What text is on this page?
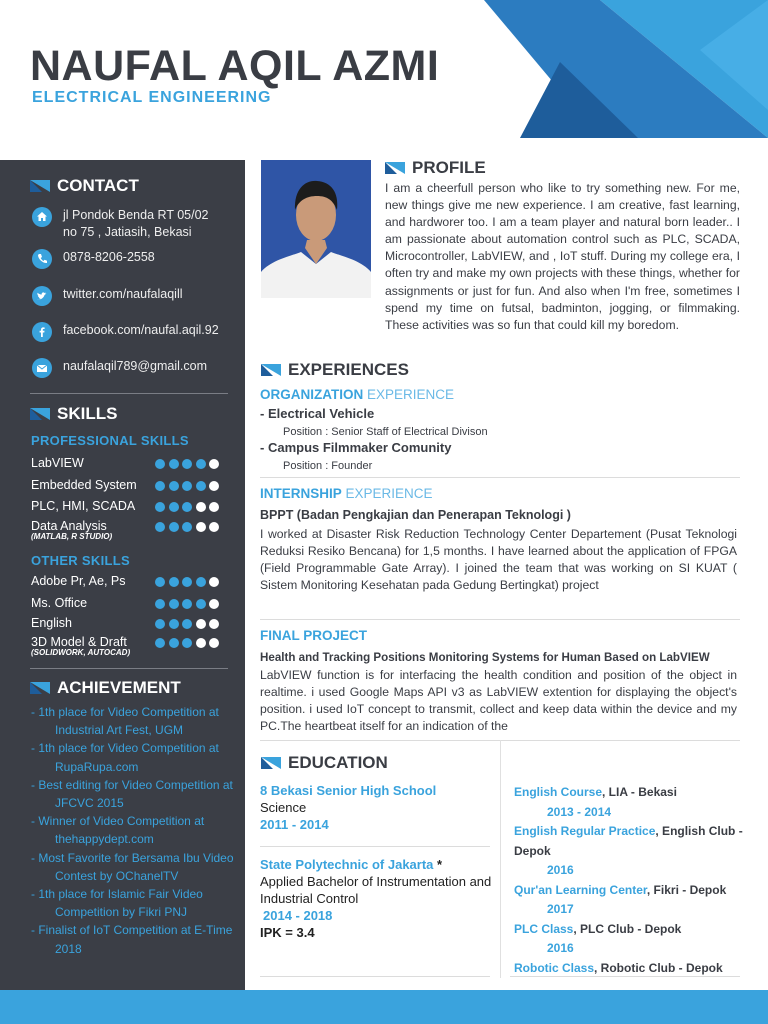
NAUFAL AQIL AZMI
ELECTRICAL ENGINEERING
CONTACT
jl Pondok Benda RT 05/02
no 75 , Jatiasih, Bekasi
0878-8206-2558
twitter.com/naufalaqill
facebook.com/naufal.aqil.92
naufalaqil789@gmail.com
SKILLS
PROFESSIONAL SKILLS
LabVIEW
Embedded System
PLC, HMI, SCADA
Data Analysis
(MATLAB, R STUDIO)
OTHER SKILLS
Adobe Pr, Ae, Ps
Ms. Office
English
3D Model & Draft
(SOLIDWORK, AUTOCAD)
ACHIEVEMENT
- 1th place for Video Competition at Industrial Art Fest, UGM
- 1th place for Video Competition at RupaRupa.com
- Best editing for Video Competition at JFCVC 2015
- Winner of Video Competition at thehappydept.com
- Most Favorite for Bersama Ibu Video Contest by OChanelTV
- 1th place for Islamic Fair Video Competition by Fikri PNJ
- Finalist of IoT Competition at E-Time 2018
PROFILE
I am a cheerfull person who like to try something new. For me, new things give me new experience. I am creative, fast learning, and hardworer too. I am a team player and natural born leader.. I am passionate about automation control such as PLC, SCADA, Microcontroller, LabVIEW, and , IoT stuff. During my college era, I often try and make my own projects with these things, whether for assignments or just for fun. And also when I'm free, sometimes I spend my time on futsal, badminton, jogging, or filmmaking. These activities was so fun that could kill my boredom.
EXPERIENCES
ORGANIZATION EXPERIENCE
- Electrical Vehicle
Position : Senior Staff of Electrical Divison
- Campus Filmmaker Comunity
Position : Founder
INTERNSHIP EXPERIENCE
BPPT (Badan Pengkajian dan Penerapan Teknologi )
I worked at Disaster Risk Reduction Technology Center Departement (Pusat Teknologi Reduksi Resiko Bencana) for 1,5 months. I have learned about the application of FPGA (Field Programmable Gate Array). I joined the team that was working on SI KUAT ( Sistem Monitoring Kesehatan pada Gedung Bertingkat) project
FINAL PROJECT
Health and Tracking Positions Monitoring Systems for Human Based on LabVIEW
LabVIEW function is for interfacing the health condition and position of the object in realtime. i used Google Maps API v3 as LabVIEW extention for displaying the object's position. i used IoT concept to transmit, collect and keep data within the device and my PC.The heartbeat itself for an indication of the
EDUCATION
8 Bekasi Senior High School
Science
2011 - 2014
State Polytechnic of Jakarta *
Applied Bachelor of Instrumentation and Industrial Control
2014 - 2018
IPK = 3.4
English Course, LIA - Bekasi
2013 - 2014
English Regular Practice, English Club - Depok
2016
Qur'an Learning Center, Fikri - Depok
2017
PLC Class, PLC Club - Depok
2016
Robotic Class, Robotic Club - Depok
